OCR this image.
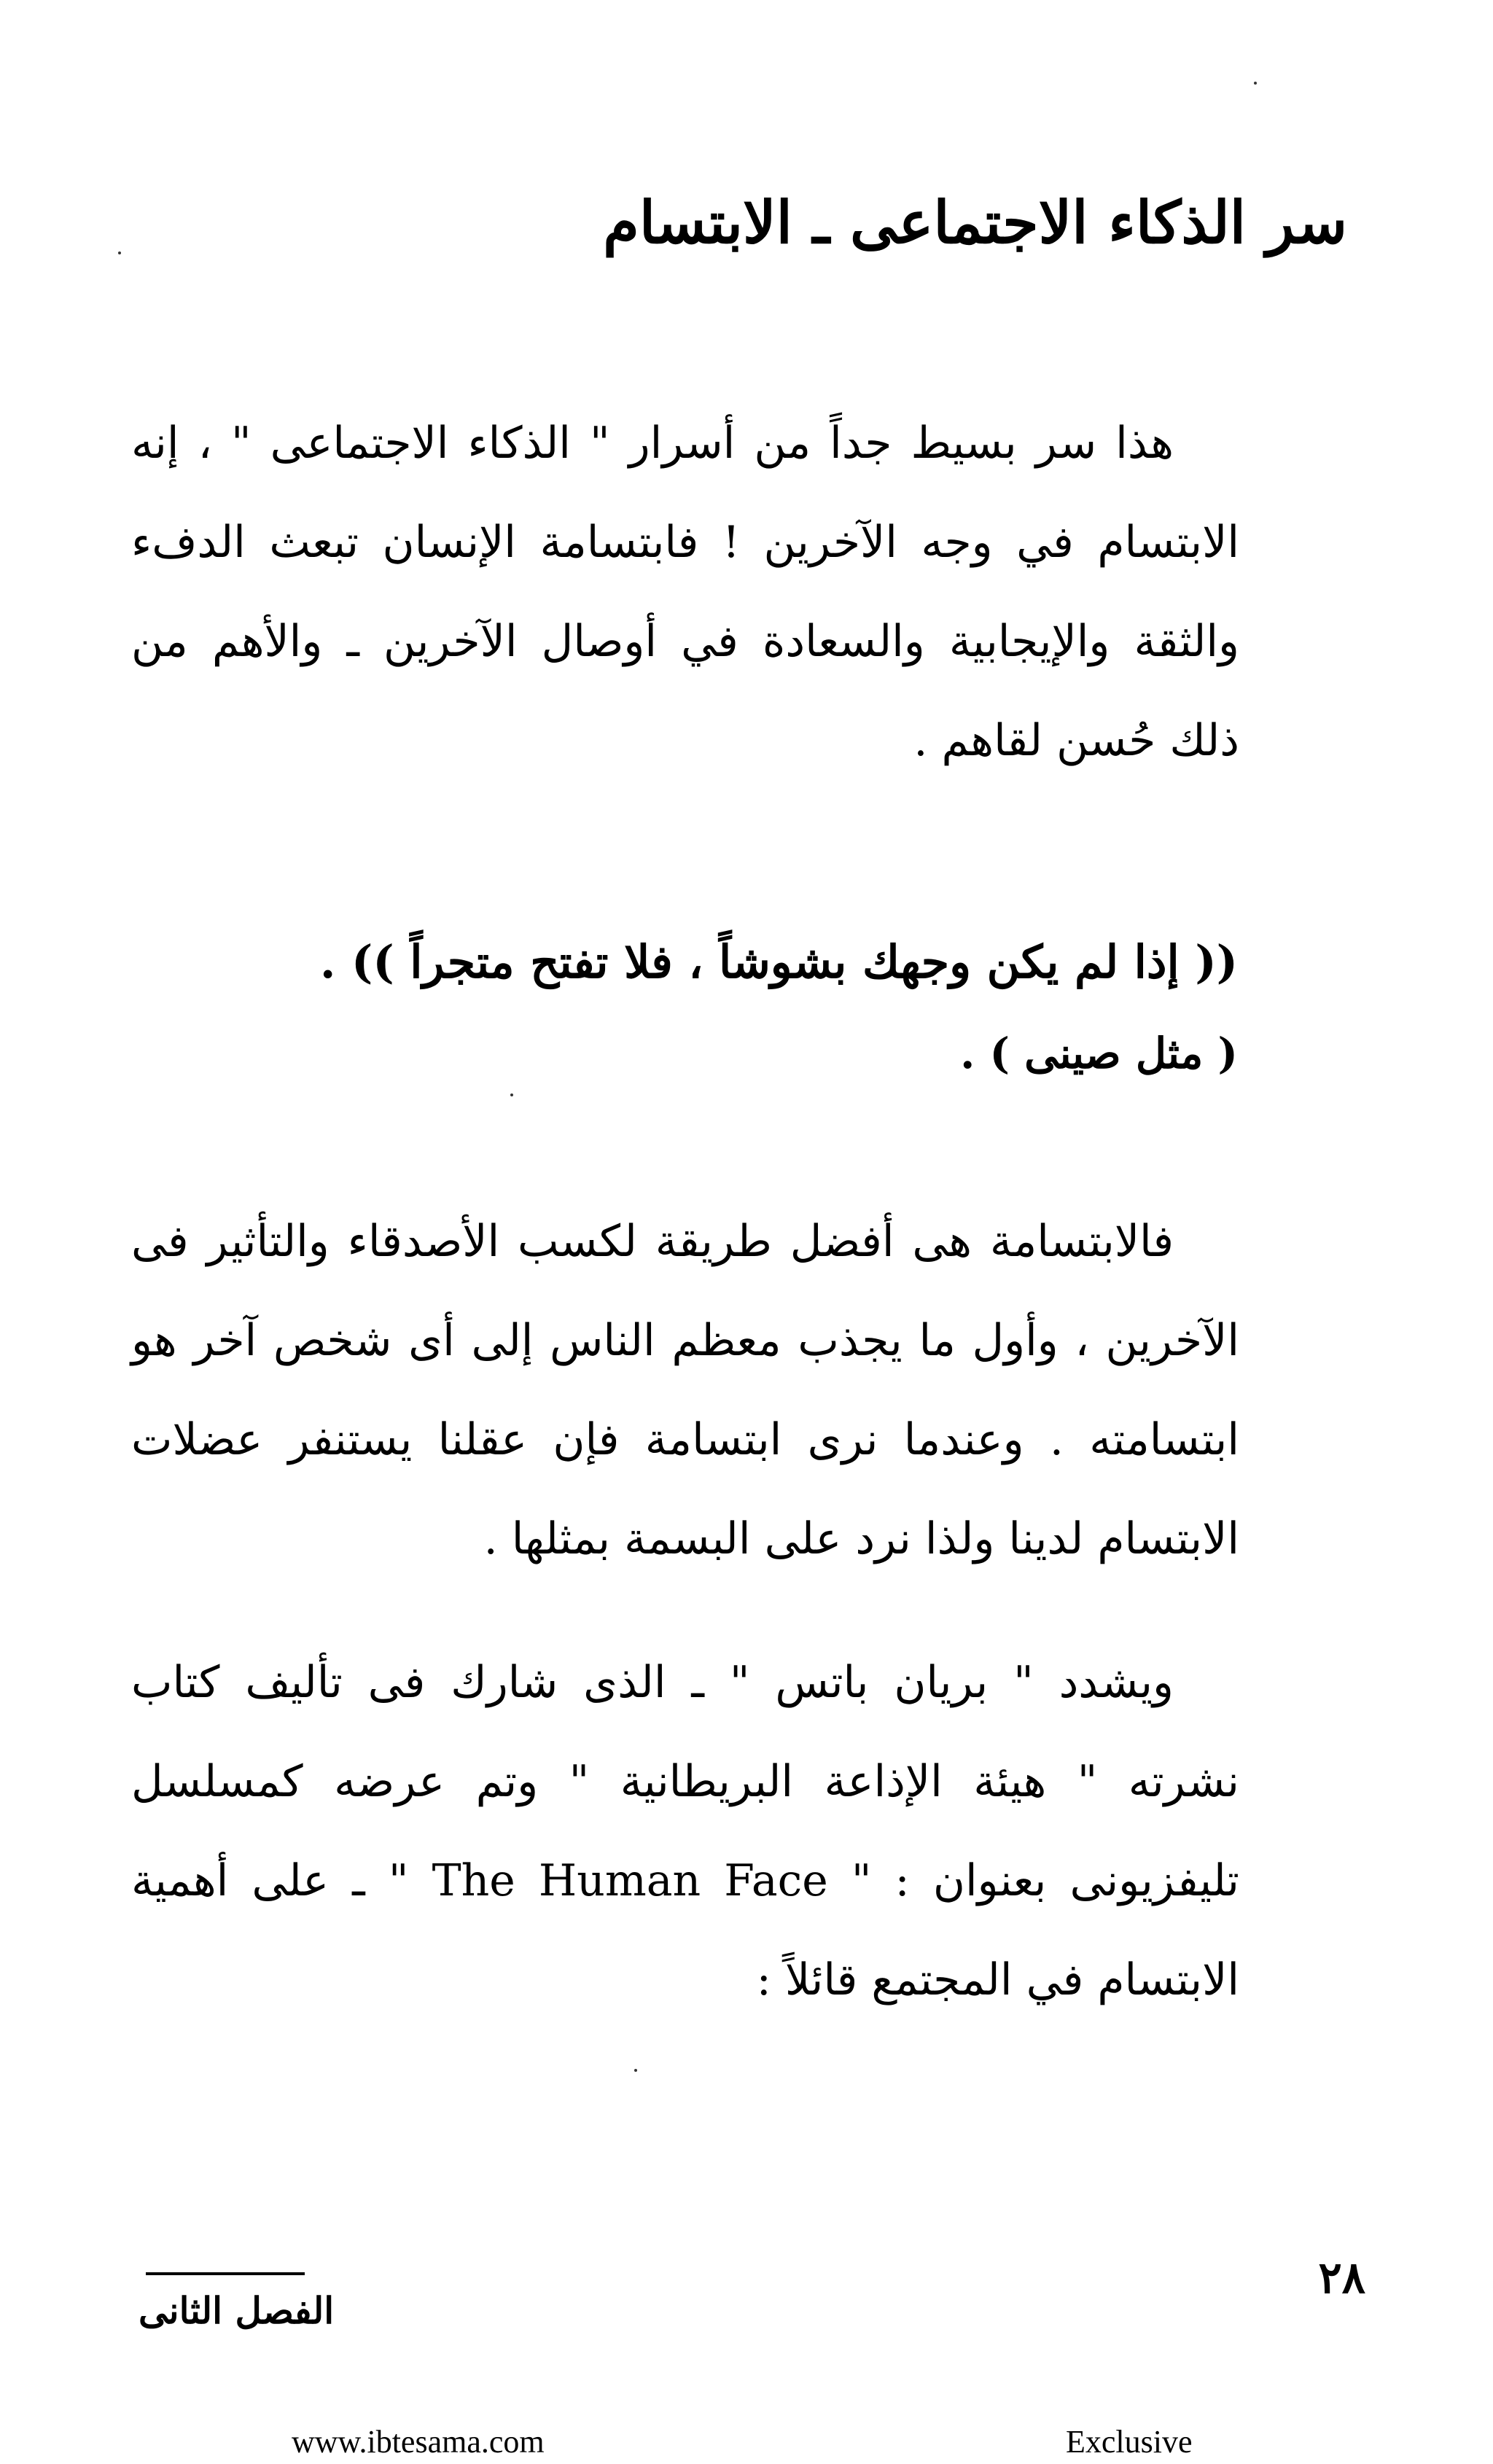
سر الذكاء الاجتماعى ـ الابتسام
هذا سر بسيط جداً من أسرار " الذكاء الاجتماعى " ، إنه الابتسام في وجه الآخرين ! فابتسامة الإنسان تبعث الدفء والثقة والإيجابية والسعادة في أوصال الآخرين ـ والأهم من ذلك حُسن لقاهم .
(( إذا لم يكن وجهك بشوشاً ، فلا تفتح متجراً )) .
( مثل صينى ) .
فالابتسامة هى أفضل طريقة لكسب الأصدقاء والتأثير فى الآخرين ، وأول ما يجذب معظم الناس إلى أى شخص آخر هو ابتسامته . وعندما نرى ابتسامة فإن عقلنا يستنفر عضلات الابتسام لدينا ولذا نرد على البسمة بمثلها .
ويشدد " بريان باتس " ـ الذى شارك فى تأليف كتاب نشرته " هيئة الإذاعة البريطانية " وتم عرضه كمسلسل تليفزيونى بعنوان : " The Human Face " ـ على أهمية الابتسام في المجتمع قائلاً :
٢٨
الفصل الثانى
www.ibtesama.com	Exclusive
